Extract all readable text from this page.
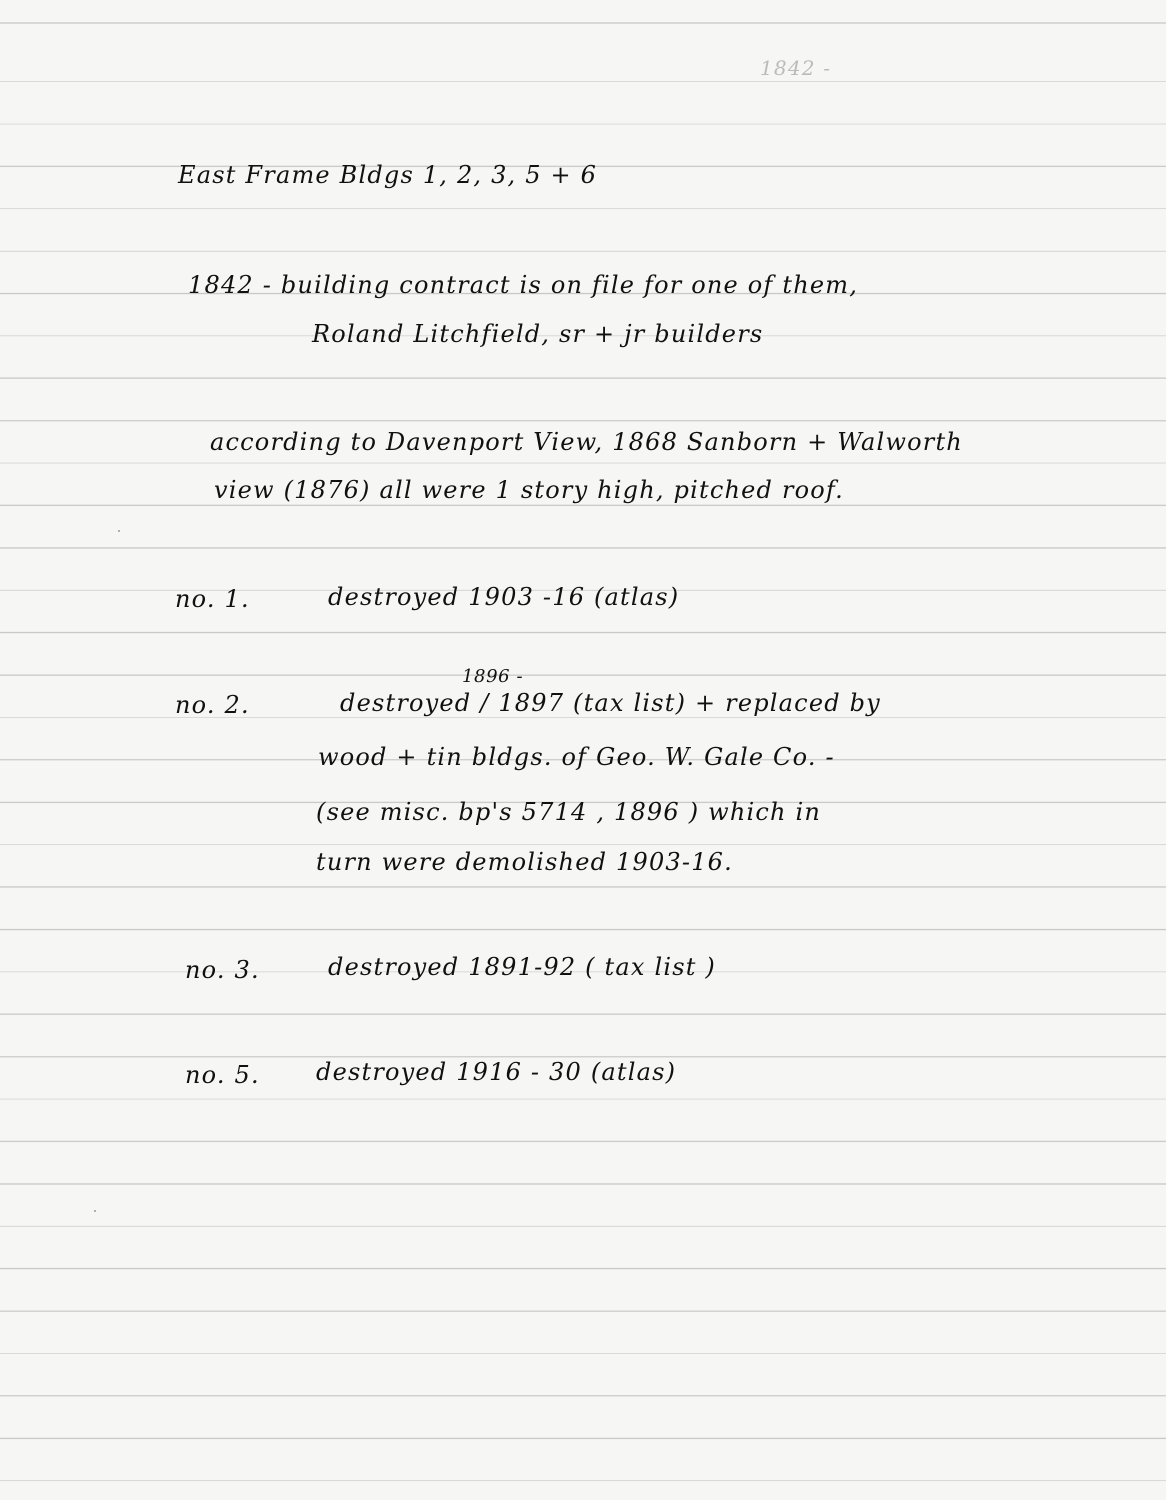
1842 -
East Frame Bldgs 1, 2, 3, 5 + 6
1842 - building contract is on file for one of them,
Roland Litchfield, sr + jr builders
according to Davenport View, 1868 Sanborn + Walworth
view (1876) all were 1 story high, pitched roof.
no. 1.	destroyed 1903 -16 (atlas)
1896 -
no. 2.	destroyed / 1897 (tax list) + replaced by
wood + tin bldgs. of Geo. W. Gale Co. -
(see misc. bp's 5714 , 1896 ) which in
turn were demolished 1903-16.
no. 3.	destroyed 1891-92 ( tax list )
no. 5. destroyed 1916 - 30 (atlas)
